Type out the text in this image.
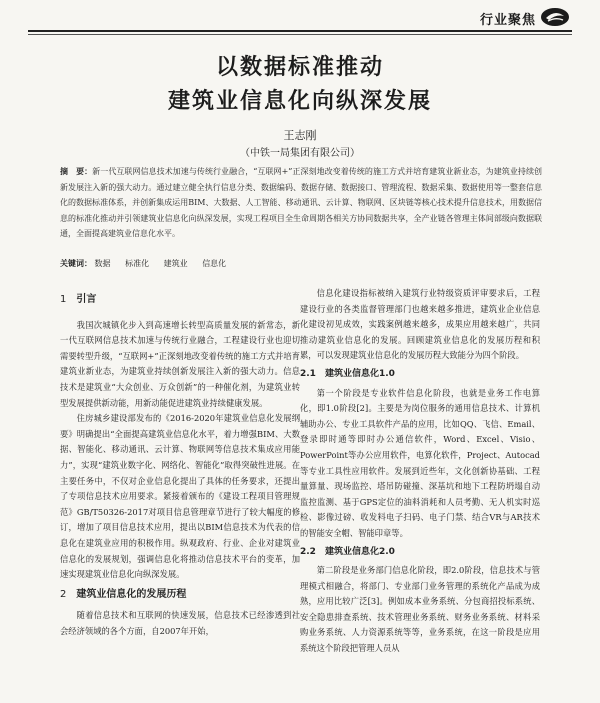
行业聚焦
以数据标准推动
建筑业信息化向纵深发展
王志刚
（中铁一局集团有限公司）
摘　要：新一代互联网信息技术加速与传统行业融合，“互联网+”正深刻地改变着传统的施工方式并培育建筑业新业态，为建筑业持续创新发展注入新的强大动力。通过建立健全执行信息分类、数据编码、数据存储、数据接口、管理流程、数据采集、数据使用等一整套信息化的数据标准体系，并创新集成运用BIM、大数据、人工智能、移动通讯、云计算、物联网、区块链等核心技术提升信息技术，用数据信息的标准化推动并引领建筑业信息化向纵深发展，实现工程项目全生命周期各相关方协同数据共享，全产业链各管理主体间部级向数据联通，全面提高建筑业信息化水平。
关键词： 数据 标准化 建筑业 信息化

1 引言

我国次城镇化步入到高速增长转型高质量发展的新常态，新一代互联网信息技术加速与传统行业融合，工程建设行业也迎切需要转型升级，“互联网+”正深刻地改变着传统的施工方式并培育建筑业新业态，为建筑业持续创新发展注入新的强大动力。信息技术是建筑业“大众创业、万众创新”的一种催化剂，为建筑业转型发展提供新动能，用新动能促进建筑业持续健康发展。

住房城乡建设部发布的《2016-2020年建筑业信息化发展纲要》明确提出“全面提高建筑业信息化水平，着力增强BIM、大数据、智能化、移动通讯、云计算、物联网等信息技术集成应用能力”，实现“建筑业数字化、网络化、智能化”取得突破性进展。在主要任务中，不仅对企业信息化提出了具体的任务要求，还提出了专项信息技术应用要求。紧接着颁布的《建设工程项目管理规范》GB/T50326-2017对项目信息管理章节进行了较大幅度的修订，增加了项目信息技术应用，提出以BIM信息技术为代表的信息化在建筑业应用的积极作用。纵观政府、行业、企业对建筑业信息化的发展规划，强调信息化将推动信息技术平台的变革，加速实现建筑业信息化向纵深发展。

2 建筑业信息化的发展历程

随着信息技术和互联网的快速发展，信息技术已经渗透到社会经济领域的各个方面，自2007年开始，

信息化建设指标被纳入建筑行业特级资质评审要求后，工程建设行业的各类监督管理部门也越来越多推进，建筑业企业信息化建设初见成效，实践案例越来越多，成果应用越来越广，共同推动建筑业信息化的发展。回顾建筑业信息化的发展历程和积累，可以发现建筑业信息化的发展历程大致能分为四个阶段。

2.1　建筑业信息化1.0

第一个阶段是专业软件信息化阶段，也就是业务工作电算化，即1.0阶段[2]。主要是为岗位服务的通用信息技术、计算机辅助办公、专业工具软件产品的应用，比如QQ、飞信、Email、登录即时通等即时办公通信软件，Word、Excel、Visio、PowerPoint等办公应用软件，电算化软件，Project、Autocad等专业工具性应用软件。发展到近些年，文化创新协基础、工程量算量、现场监控、塔吊防碰撞、深基坑和地下工程防坍塌自动监控监测、基于GPS定位的油料消耗和人员考勤、无人机实时巡检、影像过磅、收发料电子扫码、电子门禁、结合VR与AR技术的智能安全帽、智能印章等。

2.2　建筑业信息化2.0

第二阶段是业务部门信息化阶段，即2.0阶段，信息技术与管理模式相融合，将部门、专业部门业务管理的系统化产品成为成熟，应用比较广泛[3]。例如成本业务系统、分包商招投标系统、安全隐患排查系统、技术管理业务系统、财务业务系统、材料采购业务系统、人力资源系统等等，业务系统，在这一阶段是应用系统这个阶段把管理人员从
